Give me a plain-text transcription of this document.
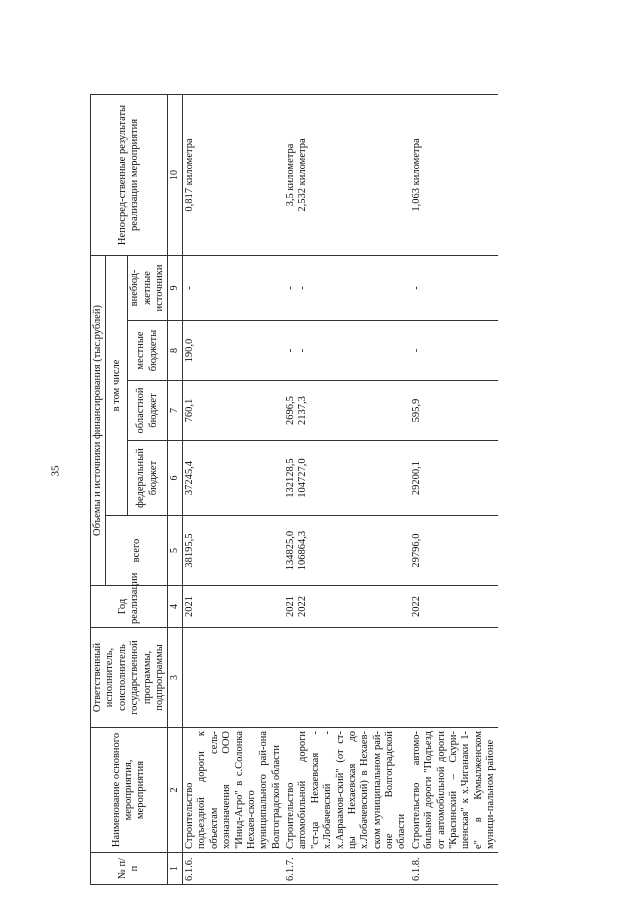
35
№ п/п	Наименование основного мероприятия, мероприятия	Ответственный исполнитель, соисполнитель государственной программы, подпрограммы	Год реализации	Объемы и источники финансирования (тыс.рублей)					Непосред-ственные результаты реализации мероприятия
				всего	в том числе				
					федеральный бюджет	областной бюджет	местные бюджеты	внебюд-жетные источники	
1	2	3	4	5	6	7	8	9	10
6.1.6.	Строительство подъездной дороги к объектам сель-хозназначения ООО "Инид-Агро" в с.Солонка Нехаев-ского муниципального рай-она Волгоградской области		2021	38195,5	37245,4	760,1	190,0	-	0,817 километра

6.1.7.	Строительство автомобильной дороги "ст-ца Нехаевская - х.Лобачевский - х.Авраамов-ский" (от ст-цы Нехаевская до х.Лобачевский) в Нехаев-ском муниципальном рай-оне Волгоградской области		2021 2022	134825,0 106864,3	132128,5 104727,0	2696,5 2137,3	- -	- -	3,5 километра 2,532 километра

6.1.8.	Строительство автомо-бильной дороги "Подъезд от автомобильной дороги "Красинский – Скури-шенская" к х.Чиганаки 1-е" в Кумылженском муници-пальном районе		2022	29796,0	29200,1	595,9	-	-	1,063 километра
